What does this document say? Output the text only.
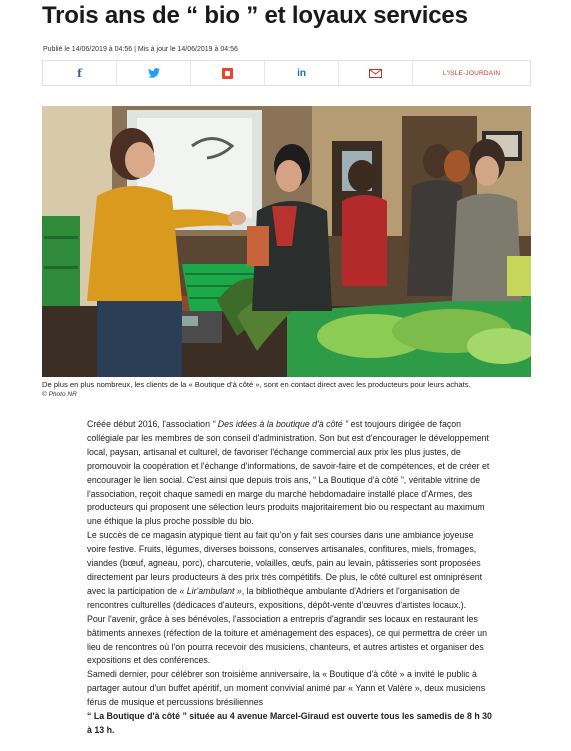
Trois ans de “ bio ” et loyaux services
Publié le 14/06/2019 à 04:56 | Mis à jour le 14/06/2019 à 04:56
f	in	L'ISLE-JOURDAIN
De plus en plus nombreux, les clients de la « Boutique d'à côté », sont en contact direct avec les producteurs pour leurs achats.
© Photo NR

Créée début 2016, l'association “ Des idées à la boutique d'à côté ” est toujours dirigée de façon collégiale par les membres de son conseil d'administration. Son but est d'encourager le développement local, paysan, artisanal et culturel, de favoriser l'échange commercial aux prix les plus justes, de promouvoir la coopération et l'échange d'informations, de savoir-faire et de compétences, et de créer et encourager le lien social. C'est ainsi que depuis trois ans, “ La Boutique d'à côté ”, véritable vitrine de l'association, reçoit chaque samedi en marge du marché hebdomadaire installé place d'Armes, des producteurs qui proposent une sélection leurs produits majoritairement bio ou respectant au maximum une éthique la plus proche possible du bio.

Le succès de ce magasin atypique tient au fait qu'on y fait ses courses dans une ambiance joyeuse voire festive. Fruits, légumes, diverses boissons, conserves artisanales, confitures, miels, fromages, viandes (bœuf, agneau, porc), charcuterie, volailles, œufs, pain au levain, pâtisseries sont proposées directement par leurs producteurs à des prix très compétitifs. De plus, le côté culturel est omniprésent avec la participation de « Lir'ambulant », la bibliothèque ambulante d'Adriers et l'organisation de rencontres culturelles (dédicaces d'auteurs, expositions, dépôt-vente d'œuvres d'artistes locaux.).

Pour l'avenir, grâce à ses bénévoles, l'association a entrepris d'agrandir ses locaux en restaurant les bâtiments annexes (réfection de la toiture et aménagement des espaces), ce qui permettra de créer un lieu de rencontres où l'on pourra recevoir des musiciens, chanteurs, et autres artistes et organiser des expositions et des conférences.

Samedi dernier, pour célébrer son troisième anniversaire, la « Boutique d'à côté » a invité le public à partager autour d'un buffet apéritif, un moment convivial animé par « Yann et Valère », deux musiciens férus de musique et percussions brésiliennes

“ La Boutique d'à côté ” située au 4 avenue Marcel-Giraud est ouverte tous les samedis de 8 h 30 à 13 h.
